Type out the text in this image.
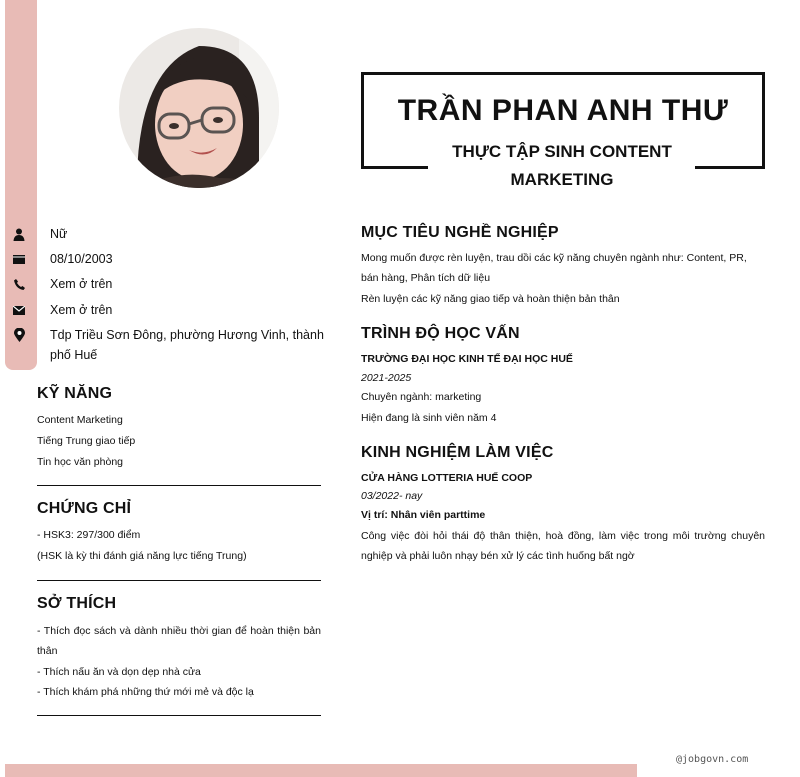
Nữ
08/10/2003
Xem ở trên
Xem ở trên
Tdp Triều Sơn Đông, phường Hương Vinh, thành phố Huế
KỸ NĂNG
Content Marketing
Tiếng Trung giao tiếp
Tin học văn phòng
CHỨNG CHỈ
- HSK3: 297/300 điểm
(HSK là kỳ thi đánh giá năng lực tiếng Trung)
SỞ THÍCH
- Thích đọc sách và dành nhiều thời gian để hoàn thiện bản thân
- Thích nấu ăn và dọn dẹp nhà cửa
- Thích khám phá những thứ mới mẻ và độc lạ
TRẦN PHAN ANH THƯ
THỰC TẬP SINH CONTENT MARKETING
MỤC TIÊU NGHỀ NGHIỆP
Mong muốn được rèn luyện, trau dồi các kỹ năng chuyên ngành như: Content, PR, bán hàng, Phân tích dữ liệu
Rèn luyện các kỹ năng giao tiếp và hoàn thiện bản thân
TRÌNH ĐỘ HỌC VẤN
TRƯỜNG ĐẠI HỌC KINH TẾ ĐẠI HỌC HUẾ
2021-2025
Chuyên ngành: marketing
Hiện đang là sinh viên năm 4
KINH NGHIỆM LÀM VIỆC
CỬA HÀNG LOTTERIA HUẾ COOP
03/2022- nay
Vị trí: Nhân viên parttime
Công việc đòi hỏi thái độ thân thiện, hoà đồng, làm việc trong môi trường chuyên nghiệp và phải luôn nhạy bén xử lý các tình huống bất ngờ
@jobgovn.com
